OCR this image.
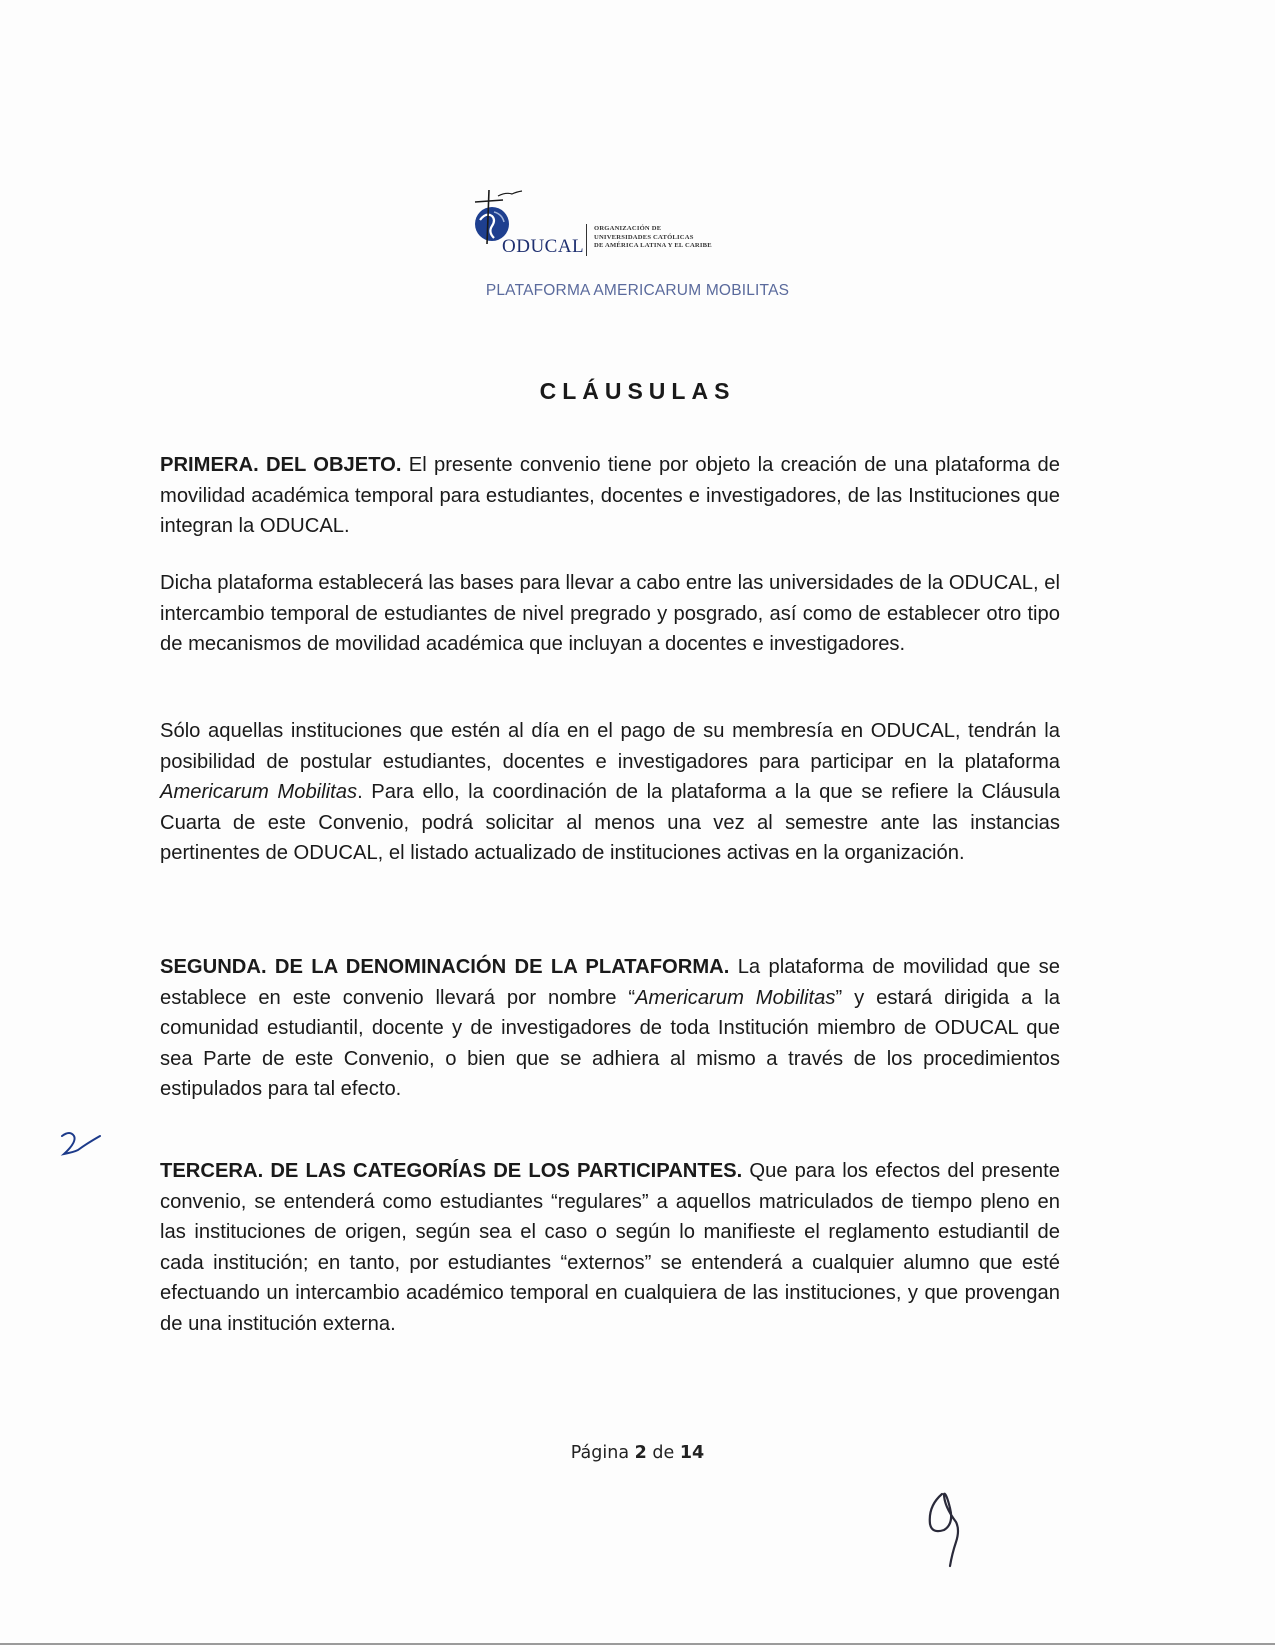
ODUCAL
ORGANIZACIÓN DE
UNIVERSIDADES CATÓLICAS
DE AMÉRICA LATINA Y EL CARIBE
PLATAFORMA AMERICARUM MOBILITAS
CLÁUSULAS

PRIMERA. DEL OBJETO. El presente convenio tiene por objeto la creación de una plataforma de movilidad académica temporal para estudiantes, docentes e investigadores, de las Instituciones que integran la ODUCAL.

Dicha plataforma establecerá las bases para llevar a cabo entre las universidades de la ODUCAL, el intercambio temporal de estudiantes de nivel pregrado y posgrado, así como de establecer otro tipo de mecanismos de movilidad académica que incluyan a docentes e investigadores.

Sólo aquellas instituciones que estén al día en el pago de su membresía en ODUCAL, tendrán la posibilidad de postular estudiantes, docentes e investigadores para participar en la plataforma Americarum Mobilitas. Para ello, la coordinación de la plataforma a la que se refiere la Cláusula Cuarta de este Convenio, podrá solicitar al menos una vez al semestre ante las instancias pertinentes de ODUCAL, el listado actualizado de instituciones activas en la organización.

SEGUNDA. DE LA DENOMINACIÓN DE LA PLATAFORMA. La plataforma de movilidad que se establece en este convenio llevará por nombre “Americarum Mobilitas” y estará dirigida a la comunidad estudiantil, docente y de investigadores de toda Institución miembro de ODUCAL que sea Parte de este Convenio, o bien que se adhiera al mismo a través de los procedimientos estipulados para tal efecto.

TERCERA. DE LAS CATEGORÍAS DE LOS PARTICIPANTES. Que para los efectos del presente convenio, se entenderá como estudiantes “regulares” a aquellos matriculados de tiempo pleno en las instituciones de origen, según sea el caso o según lo manifieste el reglamento estudiantil de cada institución; en tanto, por estudiantes “externos” se entenderá a cualquier alumno que esté efectuando un intercambio académico temporal en cualquiera de las instituciones, y que provengan de una institución externa.

Página 2 de 14
